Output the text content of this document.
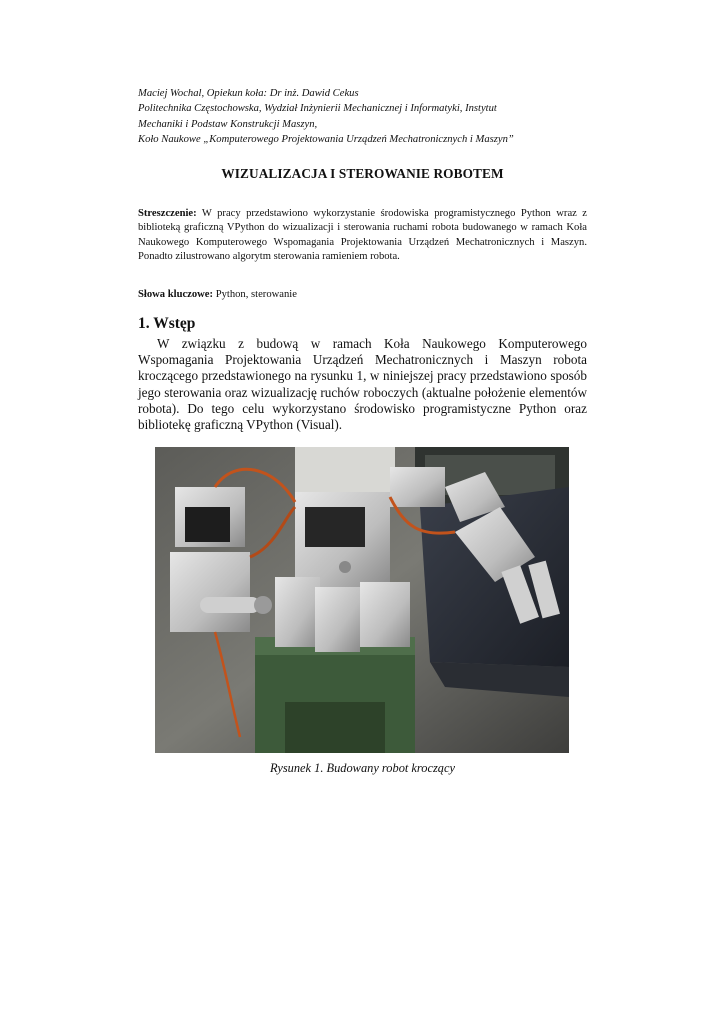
Maciej Wochal, Opiekun koła: Dr inż. Dawid Cekus
Politechnika Częstochowska, Wydział Inżynierii Mechanicznej i Informatyki, Instytut
Mechaniki i Podstaw Konstrukcji Maszyn,
Koło Naukowe „Komputerowego Projektowania Urządzeń Mechatronicznych i Maszyn”
WIZUALIZACJA I STEROWANIE ROBOTEM
Streszczenie: W pracy przedstawiono wykorzystanie środowiska programistycznego Python wraz z biblioteką graficzną VPython do wizualizacji i sterowania ruchami robota budowanego w ramach Koła Naukowego Komputerowego Wspomagania Projektowania Urządzeń Mechatronicznych i Maszyn. Ponadto zilustrowano algorytm sterowania ramieniem robota.
Słowa kluczowe: Python, sterowanie
1. Wstęp
W związku z budową w ramach Koła Naukowego Komputerowego Wspomagania Projektowania Urządzeń Mechatronicznych i Maszyn robota kroczącego przedstawionego na rysunku 1, w niniejszej pracy przedstawiono sposób jego sterowania oraz wizualizację ruchów roboczych (aktualne położenie elementów robota). Do tego celu wykorzystano środowisko programistyczne Python oraz bibliotekę graficzną VPython (Visual).
Rysunek 1. Budowany robot kroczący
